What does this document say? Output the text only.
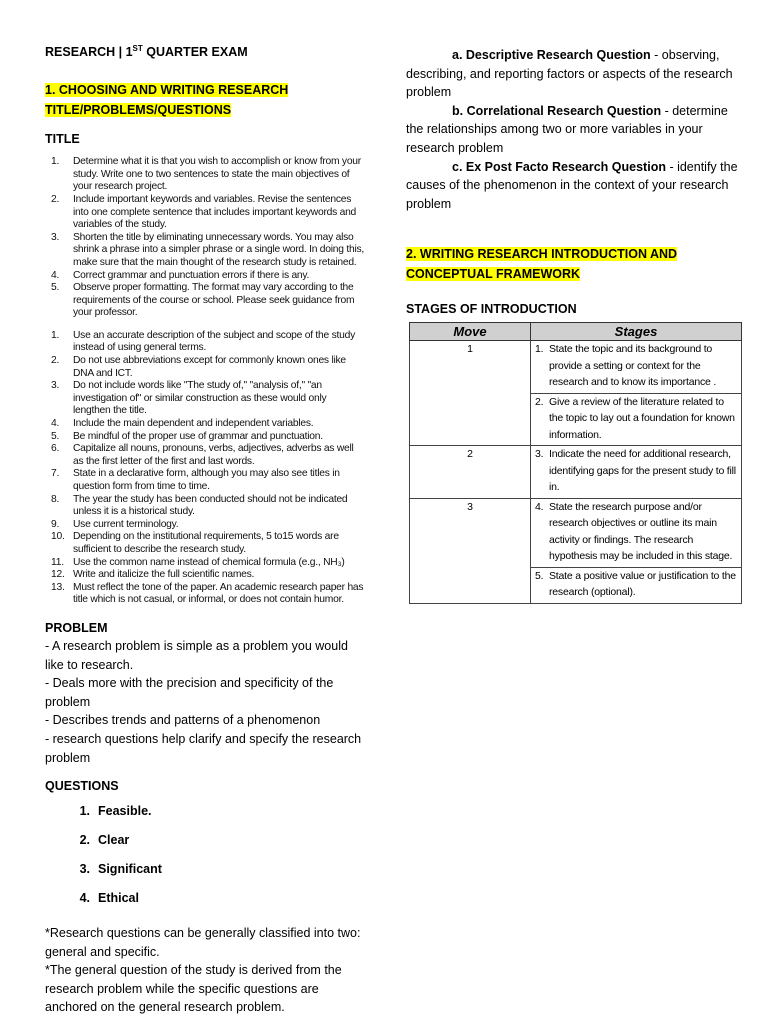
RESEARCH | 1ST QUARTER EXAM
1. CHOOSING AND WRITING RESEARCH
TITLE/PROBLEMS/QUESTIONS
TITLE
1.	Determine what it is that you wish to accomplish or know from your study. Write one to two sentences to state the main objectives of your research project.
2.	Include important keywords and variables. Revise the sentences into one complete sentence that includes important keywords and variables of the study.
3.	Shorten the title by eliminating unnecessary words. You may also shrink a phrase into a simpler phrase or a single word. In doing this, make sure that the main thought of the research study is retained.
4.	Correct grammar and punctuation errors if there is any.
5.	Observe proper formatting. The format may vary according to the requirements of the course or school. Please seek guidance from your professor.
1.	Use an accurate description of the subject and scope of the study instead of using general terms.
2.	Do not use abbreviations except for commonly known ones like DNA and ICT.
3.	Do not include words like "The study of," "analysis of," "an investigation of" or similar construction as these would only lengthen the title.
4.	Include the main dependent and independent variables.
5.	Be mindful of the proper use of grammar and punctuation.
6.	Capitalize all nouns, pronouns, verbs, adjectives, adverbs as well as the first letter of the first and last words.
7.	State in a declarative form, although you may also see titles in question form from time to time.
8.	The year the study has been conducted should not be indicated unless it is a historical study.
9.	Use current terminology.
10. Depending on the institutional requirements, 5 to15 words are sufficient to describe the research study.
11. Use the common name instead of chemical formula (e.g., NH₃)
12. Write and italicize the full scientific names.
13. Must reflect the tone of the paper. An academic research paper has title which is not casual, or informal, or does not contain humor.
PROBLEM

- A research problem is simple as a problem you would like to research.

- Deals more with the precision and specificity of the problem

- Describes trends and patterns of a phenomenon

- research questions help clarify and specify the research problem

QUESTIONS
1. Feasible.
2. Clear
3. Significant
4. Ethical

*Research questions can be generally classified into two: general and specific.

*The general question of the study is derived from the research problem while the specific questions are anchored on the general research problem.

a. Descriptive Research Question - observing, describing, and reporting factors or aspects of the research problem

b. Correlational Research Question - determine the relationships among two or more variables in your research problem

c. Ex Post Facto Research Question - identify the causes of the phenomenon in the context of your research problem

2. WRITING RESEARCH INTRODUCTION AND
CONCEPTUAL FRAMEWORK
STAGES OF INTRODUCTION
Move	Stages
1	1. State the topic and its background to provide a setting or context for the research and to know its importance .

	2. Give a review of the literature related to the topic to lay out a foundation for known information.

2	3. Indicate the need for additional research, identifying gaps for the present study to fill in.

3	4. State the research purpose and/or research objectives or outline its main activity or findings. The research hypothesis may be included in this stage.

	5. State a positive value or justification to the research (optional).
